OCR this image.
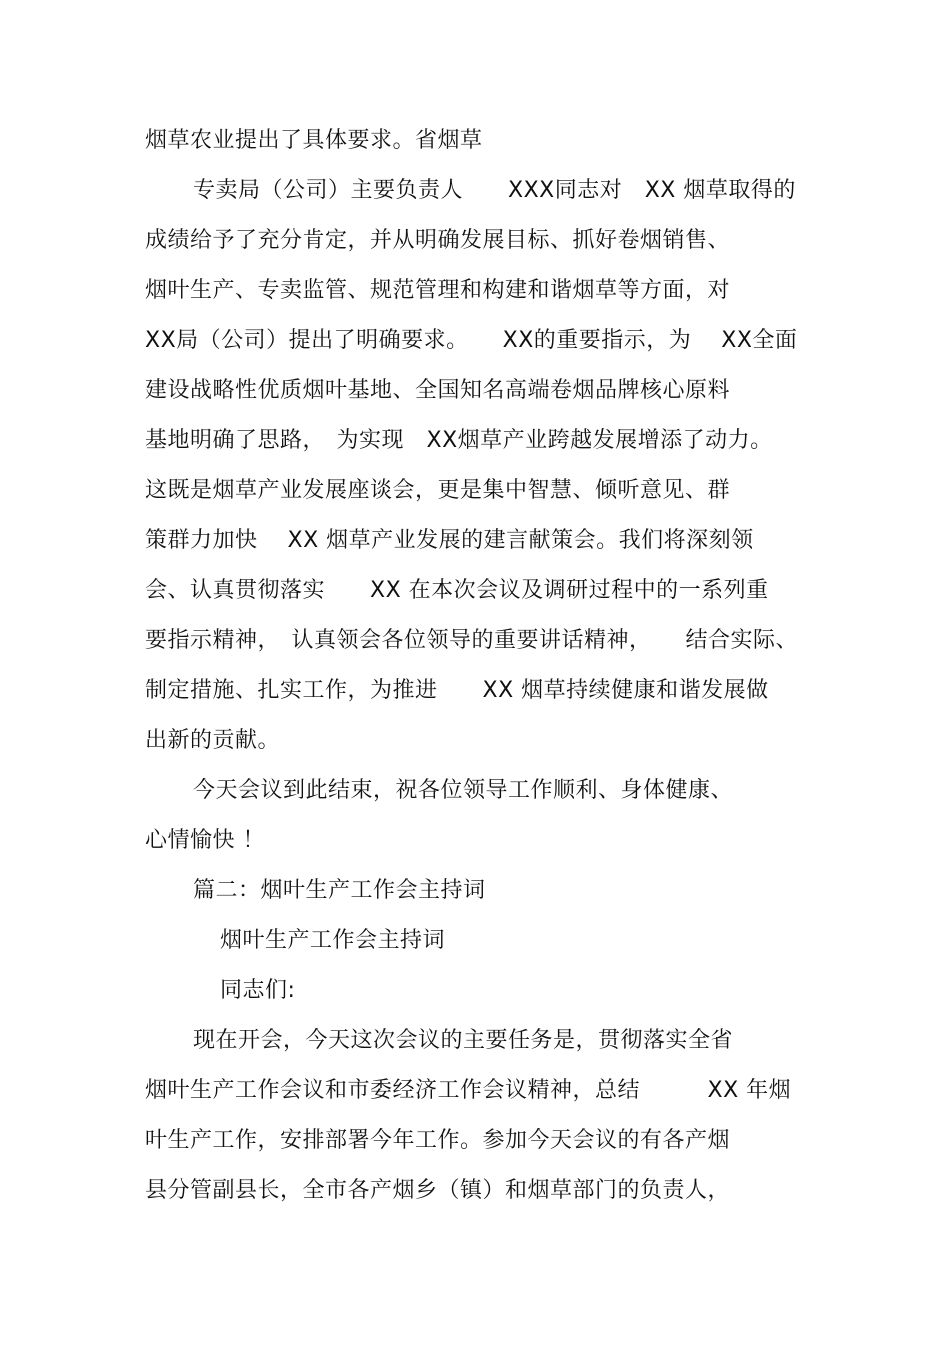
烟草农业提出了具体要求。省烟草
专卖局（公司）主要负责人　　XXX同志对　XX 烟草取得的
成绩给予了充分肯定，并从明确发展目标、抓好卷烟销售、
烟叶生产、专卖监管、规范管理和构建和谐烟草等方面，对
XX局（公司）提出了明确要求。　　XX的重要指示，为　 XX全面
建设战略性优质烟叶基地、全国知名高端卷烟品牌核心原料
基地明确了思路，　为实现　XX烟草产业跨越发展增添了动力。
这既是烟草产业发展座谈会，更是集中智慧、倾听意见、群
策群力加快　 XX 烟草产业发展的建言献策会。我们将深刻领
会、认真贯彻落实　　XX 在本次会议及调研过程中的一系列重
要指示精神，　认真领会各位领导的重要讲话精神，　　结合实际、
制定措施、扎实工作，为推进　　XX 烟草持续健康和谐发展做
出新的贡献。
今天会议到此结束，祝各位领导工作顺利、身体健康、
心情愉快 ！
篇二：烟叶生产工作会主持词
烟叶生产工作会主持词
同志们:
现在开会，今天这次会议的主要任务是，贯彻落实全省
烟叶生产工作会议和市委经济工作会议精神，总结　　　XX 年烟
叶生产工作，安排部署今年工作。参加今天会议的有各产烟
县分管副县长，全市各产烟乡（镇）和烟草部门的负责人，
